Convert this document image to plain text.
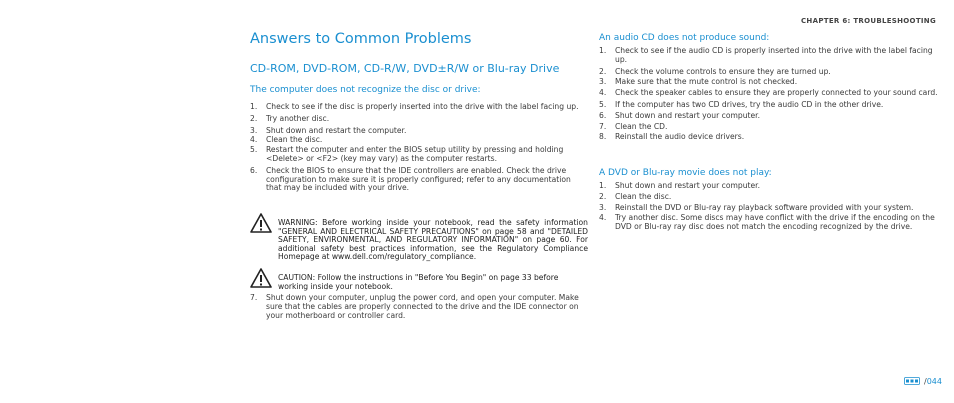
CHAPTER 6: TROUBLESHOOTING
Answers to Common Problems
CD-ROM, DVD-ROM, CD-R/W, DVD±R/W or Blu-ray Drive
The computer does not recognize the disc or drive:
1. Check to see if the disc is properly inserted into the drive with the label facing up.
2. Try another disc.
3. Shut down and restart the computer.
4. Clean the disc.
5. Restart the computer and enter the BIOS setup utility by pressing and holding <Delete> or <F2> (key may vary) as the computer restarts.
6. Check the BIOS to ensure that the IDE controllers are enabled. Check the drive configuration to make sure it is properly configured; refer to any documentation that may be included with your drive.
WARNING: Before working inside your notebook, read the safety information "GENERAL AND ELECTRICAL SAFETY PRECAUTIONS" on page 58 and "DETAILED SAFETY, ENVIRONMENTAL, AND REGULATORY INFORMATION" on page 60. For additional safety best practices information, see the Regulatory Compliance Homepage at www.dell.com/regulatory_compliance.
CAUTION: Follow the instructions in "Before You Begin" on page 33 before working inside your notebook.
7. Shut down your computer, unplug the power cord, and open your computer. Make sure that the cables are properly connected to the drive and the IDE connector on your motherboard or controller card.
An audio CD does not produce sound:
1. Check to see if the audio CD is properly inserted into the drive with the label facing up.
2. Check the volume controls to ensure they are turned up.
3. Make sure that the mute control is not checked.
4. Check the speaker cables to ensure they are properly connected to your sound card.
5. If the computer has two CD drives, try the audio CD in the other drive.
6. Shut down and restart your computer.
7. Clean the CD.
8. Reinstall the audio device drivers.
A DVD or Blu-ray movie does not play:
1. Shut down and restart your computer.
2. Clean the disc.
3. Reinstall the DVD or Blu-ray ray playback software provided with your system.
4. Try another disc. Some discs may have conflict with the drive if the encoding on the DVD or Blu-ray ray disc does not match the encoding recognized by the drive.
/044
